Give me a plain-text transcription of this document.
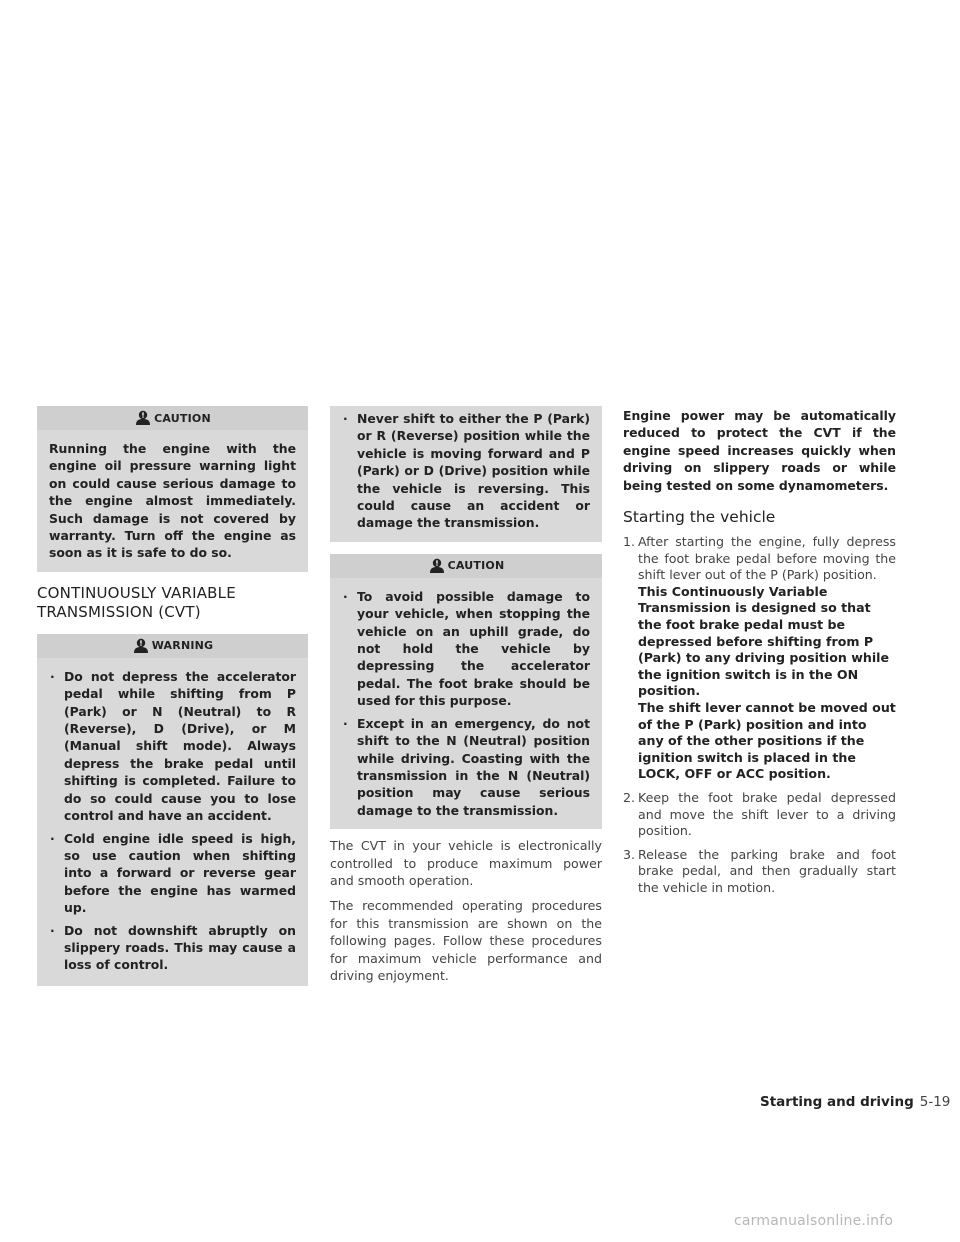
CAUTION

Running the engine with the engine oil pressure warning light on could cause serious damage to the engine almost immediately. Such damage is not covered by warranty. Turn off the engine as soon as it is safe to do so.

CONTINUOUSLY VARIABLE
TRANSMISSION (CVT)
WARNING
· Do not depress the accelerator pedal while shifting from P (Park) or N (Neutral) to R (Reverse), D (Drive), or M (Manual shift mode). Always depress the brake pedal until shifting is completed. Failure to do so could cause you to lose control and have an accident.
· Cold engine idle speed is high, so use caution when shifting into a forward or reverse gear before the engine has warmed up.
· Do not downshift abruptly on slippery roads. This may cause a loss of control.
· Never shift to either the P (Park) or R (Reverse) position while the vehicle is moving forward and P (Park) or D (Drive) position while the vehicle is reversing. This could cause an accident or damage the transmission.
CAUTION
· To avoid possible damage to your vehicle, when stopping the vehicle on an uphill grade, do not hold the vehicle by depressing the accelerator pedal. The foot brake should be used for this purpose.
· Except in an emergency, do not shift to the N (Neutral) position while driving. Coasting with the transmission in the N (Neutral) position may cause serious damage to the transmission.

The CVT in your vehicle is electronically controlled to produce maximum power and smooth operation.

The recommended operating procedures for this transmission are shown on the following pages. Follow these procedures for maximum vehicle performance and driving enjoyment.

Engine power may be automatically reduced to protect the CVT if the engine speed increases quickly when driving on slippery roads or while being tested on some dynamometers.

Starting the vehicle
1. After starting the engine, fully depress the foot brake pedal before moving the shift lever out of the P (Park) position.
This Continuously Variable Transmission is designed so that the foot brake pedal must be depressed before shifting from P (Park) to any driving position while the ignition switch is in the ON position.
The shift lever cannot be moved out of the P (Park) position and into any of the other positions if the ignition switch is placed in the LOCK, OFF or ACC position.
2. Keep the foot brake pedal depressed and move the shift lever to a driving position.
3. Release the parking brake and foot brake pedal, and then gradually start the vehicle in motion.
Starting and driving 5-19
carmanualsonline.info
